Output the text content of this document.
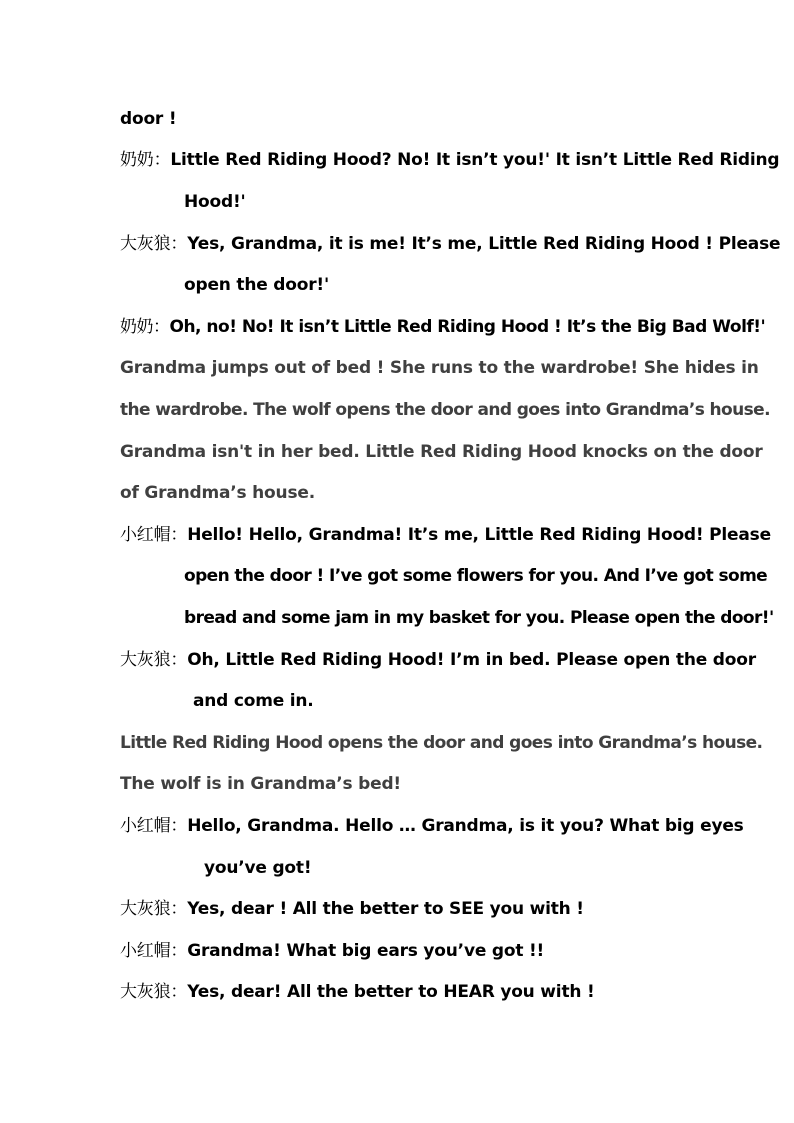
door !
奶奶：Little Red Riding Hood? No! It isn’t you!' It isn’t Little Red Riding
Hood!'
大灰狼：Yes, Grandma, it is me! It’s me, Little Red Riding Hood ! Please
open the door!'
奶奶：Oh, no! No! It isn’t Little Red Riding Hood ! It’s the Big Bad Wolf!'
Grandma jumps out of bed ! She runs to the wardrobe! She hides in
the wardrobe. The wolf opens the door and goes into Grandma’s house.
Grandma isn't in her bed. Little Red Riding Hood knocks on the door
of Grandma’s house.
小红帽：Hello! Hello, Grandma! It’s me, Little Red Riding Hood! Please
open the door ! I’ve got some flowers for you. And I’ve got some
bread and some jam in my basket for you. Please open the door!'
大灰狼：Oh, Little Red Riding Hood! I’m in bed. Please open the door
and come in.
Little Red Riding Hood opens the door and goes into Grandma’s house.
The wolf is in Grandma’s bed!
小红帽：Hello, Grandma. Hello … Grandma, is it you? What big eyes
you’ve got!
大灰狼：Yes, dear ! All the better to SEE you with !
小红帽：Grandma! What big ears you’ve got !!
大灰狼：Yes, dear! All the better to HEAR you with !
